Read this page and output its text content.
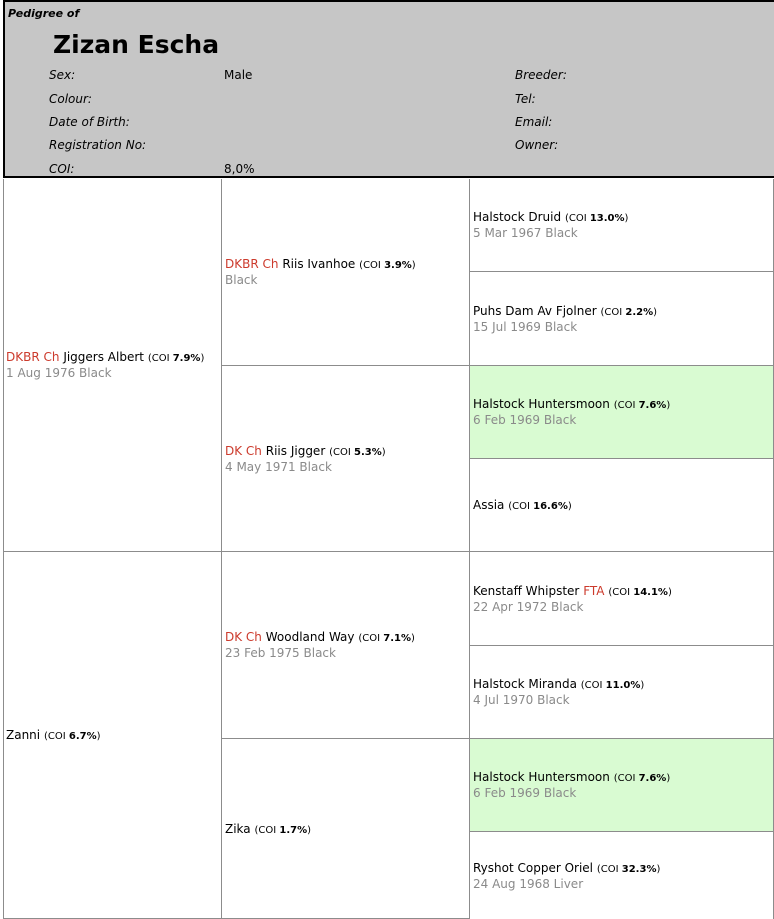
Pedigree of
Zizan Escha
Sex:	Male
Colour:
Date of Birth:
Registration No:
COI:	8,0%
Breeder:
Tel:
Email:
Owner:
DKBR Ch Jiggers Albert (COI 7.9%)
1 Aug 1976 Black
Zanni (COI 6.7%)
DKBR Ch Riis Ivanhoe (COI 3.9%)
Black
DK Ch Riis Jigger (COI 5.3%)
4 May 1971 Black
DK Ch Woodland Way (COI 7.1%)
23 Feb 1975 Black
Zika (COI 1.7%)
Halstock Druid (COI 13.0%)
5 Mar 1967 Black
Puhs Dam Av Fjolner (COI 2.2%)
15 Jul 1969 Black
Halstock Huntersmoon (COI 7.6%)
6 Feb 1969 Black
Assia (COI 16.6%)
Kenstaff Whipster FTA (COI 14.1%)
22 Apr 1972 Black
Halstock Miranda (COI 11.0%)
4 Jul 1970 Black
Halstock Huntersmoon (COI 7.6%)
6 Feb 1969 Black
Ryshot Copper Oriel (COI 32.3%)
24 Aug 1968 Liver
